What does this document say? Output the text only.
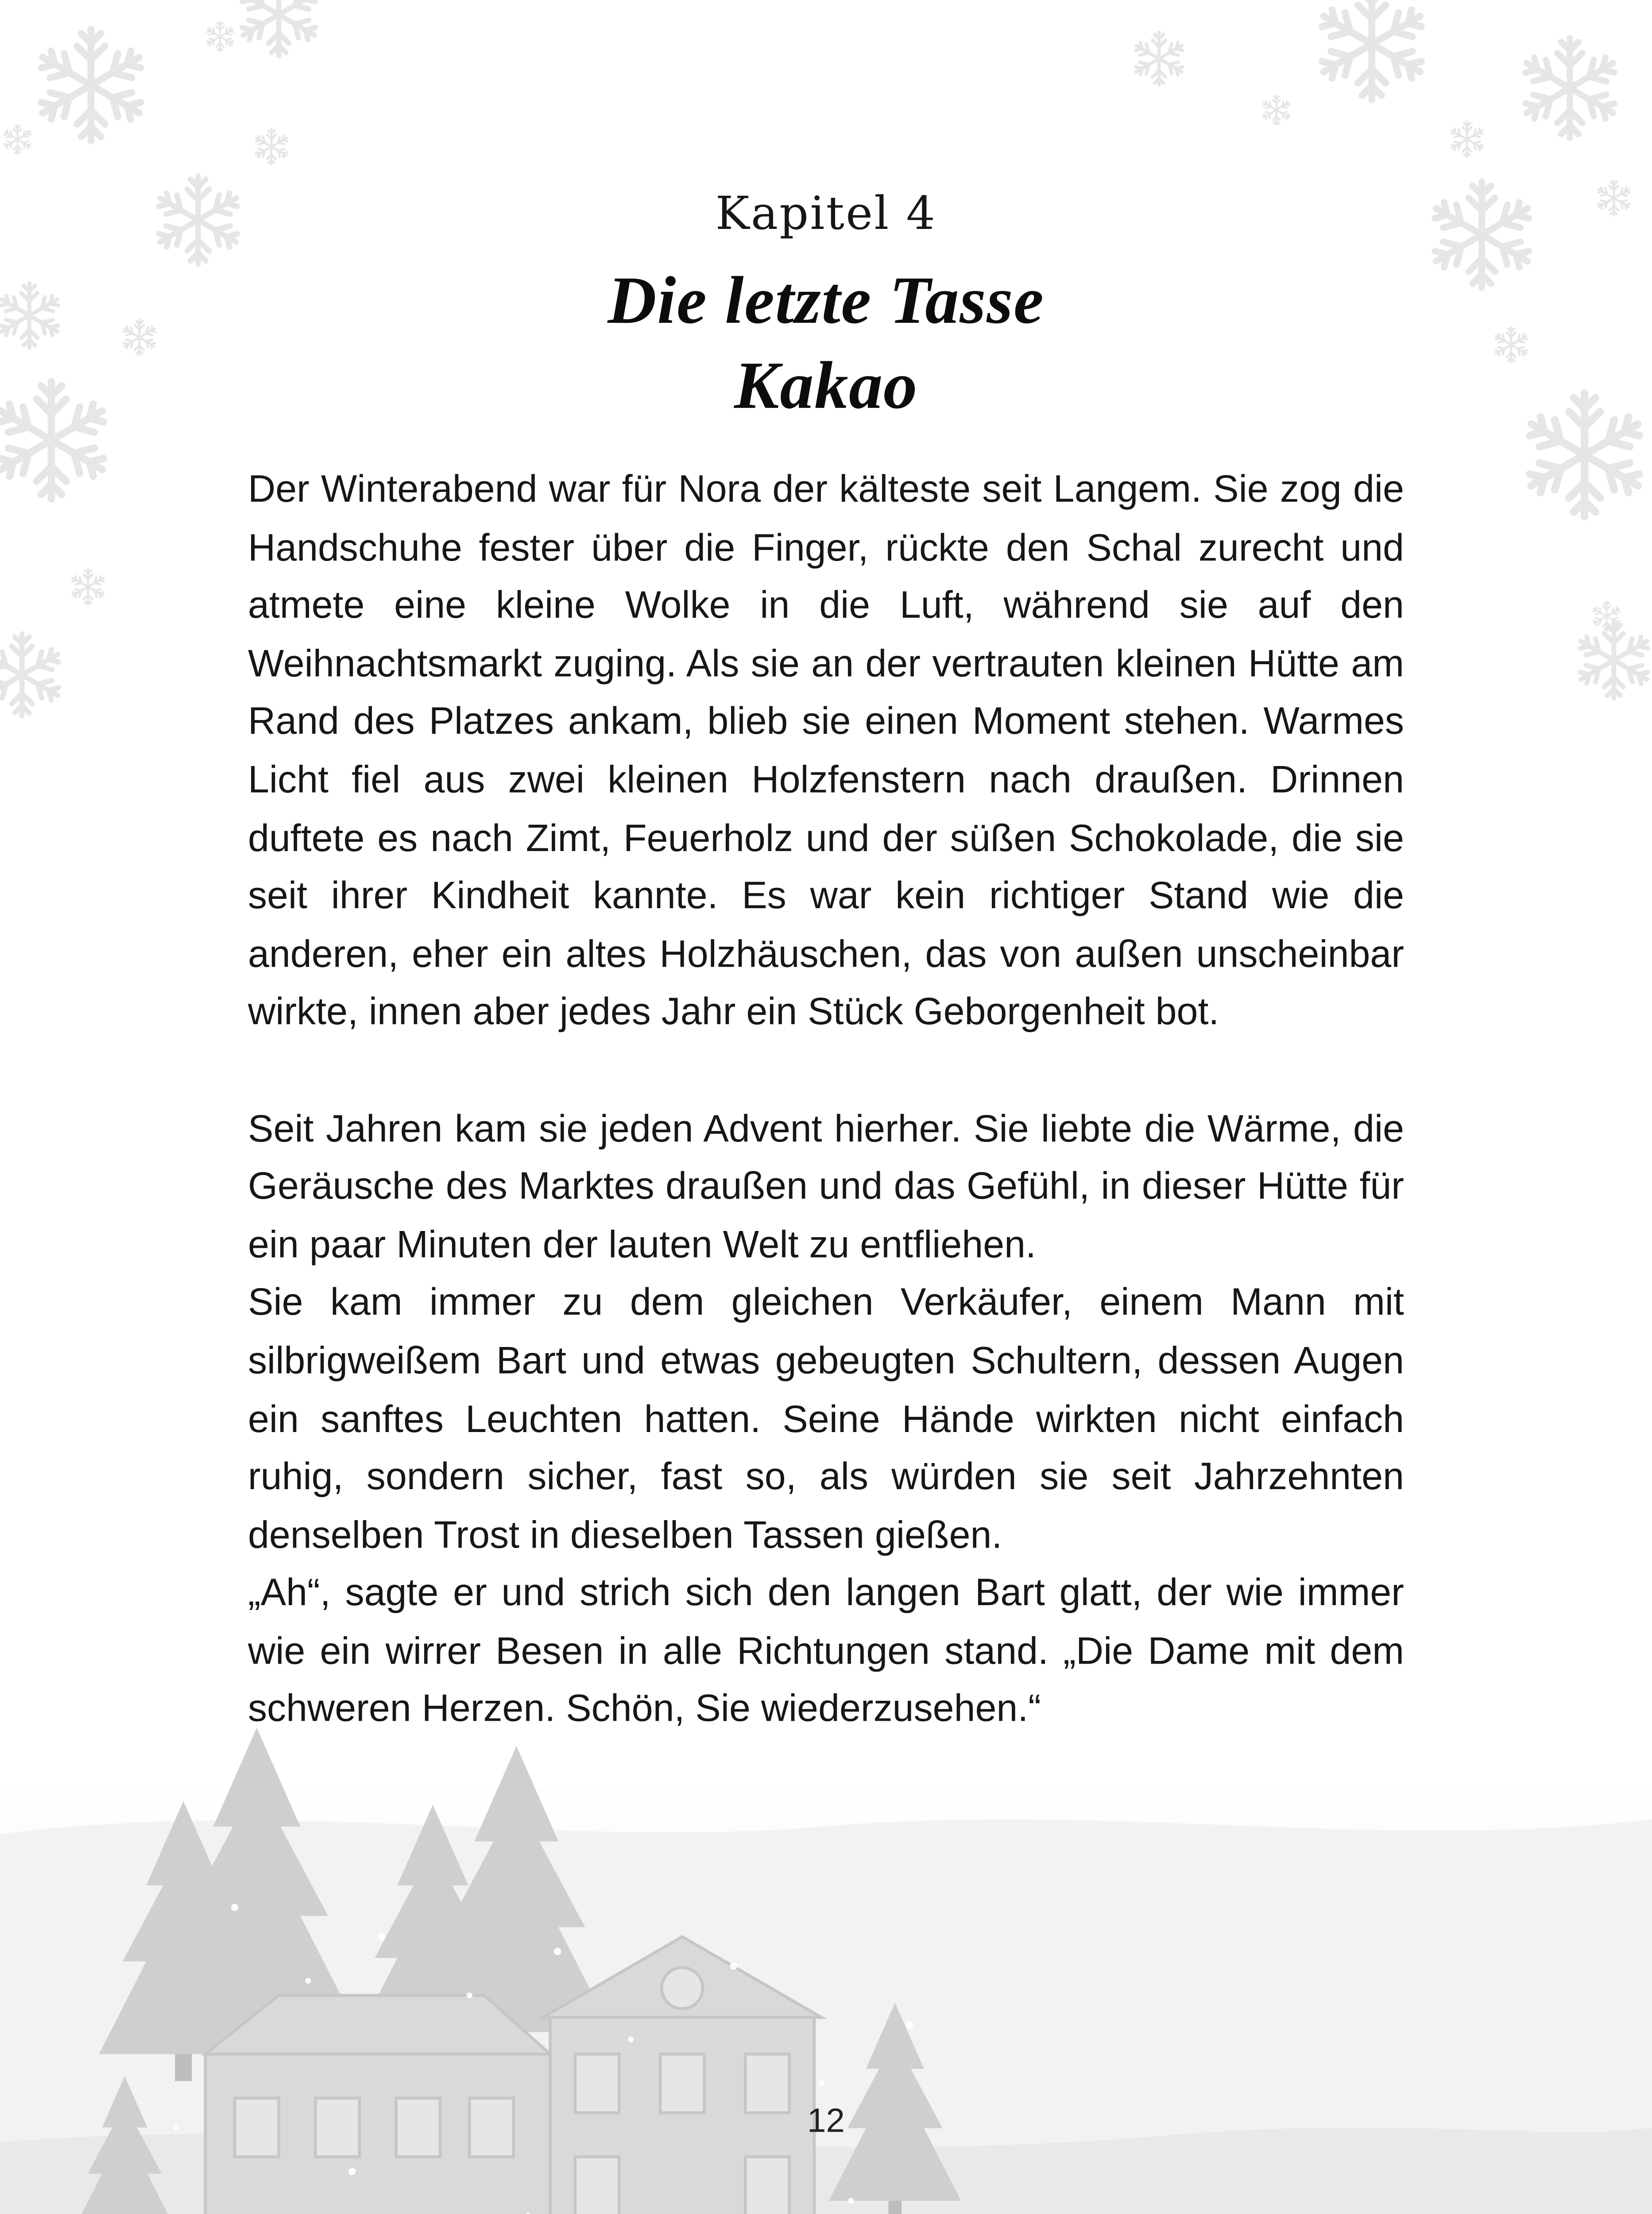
Kapitel 4
Die letzte Tasse
Kakao

Der Winterabend war für Nora der kälteste seit Langem. Sie zog die Handschuhe fester über die Finger, rückte den Schal zurecht und atmete eine kleine Wolke in die Luft, während sie auf den Weihnachtsmarkt zuging. Als sie an der vertrauten kleinen Hütte am Rand des Platzes ankam, blieb sie einen Moment stehen. Warmes Licht fiel aus zwei kleinen Holzfenstern nach draußen. Drinnen duftete es nach Zimt, Feuerholz und der süßen Schokolade, die sie seit ihrer Kindheit kannte. Es war kein richtiger Stand wie die anderen, eher ein altes Holzhäuschen, das von außen unscheinbar wirkte, innen aber jedes Jahr ein Stück Geborgenheit bot.

Seit Jahren kam sie jeden Advent hierher. Sie liebte die Wärme, die Geräusche des Marktes draußen und das Gefühl, in dieser Hütte für ein paar Minuten der lauten Welt zu entfliehen.

Sie kam immer zu dem gleichen Verkäufer, einem Mann mit silbrigweißem Bart und etwas gebeugten Schultern, dessen Augen ein sanftes Leuchten hatten. Seine Hände wirkten nicht einfach ruhig, sondern sicher, fast so, als würden sie seit Jahrzehnten denselben Trost in dieselben Tassen gießen.

„Ah“, sagte er und strich sich den langen Bart glatt, der wie immer wie ein wirrer Besen in alle Richtungen stand. „Die Dame mit dem schweren Herzen. Schön, Sie wiederzusehen.“

12
